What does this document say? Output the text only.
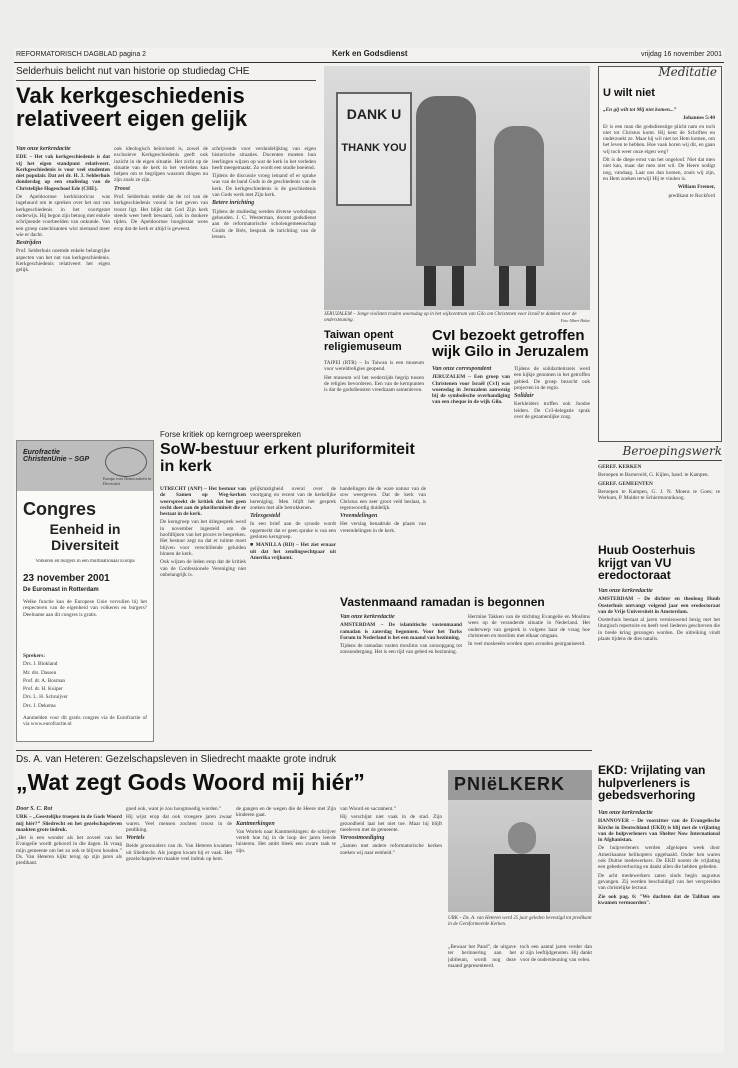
REFORMATORISCH DAGBLAD pagina 2	Kerk en Godsdienst	vrijdag 16 november 2001
Selderhuis belicht nut van historie op studiedag CHE
Vak kerkgeschiedenis relativeert eigen gelijk

Van onze kerkredactie

EDE – Het vak kerkgeschiedenis is dat vij het eigen standpunt relativeert. Kerkgeschiedenis is voor veel studenten niet populair. Dat zei dr. H. J. Selderhuis donderdag op een studiedag van de Christelijke Hogeschool Ede (CHE).

De Apeldoornse kerkhistoricus was ingehuurd om te spreken over het nut van kerkgeschiedenis in het voortgezet onderwijs. Hij begon zijn betoog met enkele schrijnende voorbeelden van onkunde. Van een groep catechisanten wist niemand meer wie er dacht.

Bestrijden

Prof. Selderhuis noemde enkele belangrijke aspecten van het nut van kerkgeschiedenis. Kerkgeschiedenis relativeert het eigen gelijk.

ook ideologisch beïnvloed is, zowel de exclusieve Kerkgeschiedenis geeft ook inzicht in de eigen situatie. Het zicht op de situatie van de kerk in het verleden kan helpen om te begrijpen waarom dingen nu zijn zoals ze zijn.

Troost

Prof. Selderhuis stelde dat de rol van de kerkgeschiedenis vooral in het geven van troost ligt. Het blijkt dat God Zijn kerk steeds weer heeft bewaard, ook in donkere tijden. De Apeldoornse hoogleraar wees erop dat de kerk er altijd is geweest.

schrijvende voor verduidelijking van eigen historische situaties. Docenten moeten hun leerlingen wijzen op wat de kerk in het verleden heeft meegemaakt. Zo wordt een studie boeiend.

Tijdens de discussie vroeg iemand of er sprake was van de band Gods in de geschiedenis van de kerk. De kerkgeschiedenis is de geschiedenis van Gods werk met Zijn kerk.

Betere inrichting

Tijdens de studiedag werden diverse workshops gehouden. J. C. Westerman, docent godsdienst aan de reformatorische scholengemeenschap Guido de Brès, besprak de inrichting van de lessen.

DANK U
THANK YOU
JERUZALEM – Jonge violisten traden woensdag op in het wijkcentrum van Gilo om Christenen voor Israël te danken voor de ondersteuning.	Foto Albert Halav
Taiwan opent religiemuseum

TAIPEI (RTR) – In Taiwan is een museum voor wereldreligies geopend.

Het museum wil het wederzijds begrip tussen de religies bevorderen. Een van de kernpunten is dat de godsdiensten vreedzaam samenleven.

CvI bezoekt getroffen wijk Gilo in Jeruzalem

Van onze correspondent

JERUZALEM – Een groep van Christenen voor Israël (CvI) was woensdag in Jeruzalem aanwezig bij de symbolische overhandiging van een cheque in de wijk Gilo.

Tijdens de solidariteitsreis werd een kijkje genomen in het getroffen gebied. De groep bezocht ook projecten in de regio.

Solidair

Kerkleiders troffen ook Joodse leiders. De CvI-delegatie sprak over de gezamenlijke zorg.

Meditatie
U wilt niet

„En gij wilt tot Mij niet komen...”

Johannes 5:40

Er is een man die godsdienstige plicht nam en toch niet tot Christus komt. Hij kent de Schriften en onderzoekt ze. Maar hij wil niet tot Hem komen, om het leven te hebben. Hoe vaak horen wij dit, en gaan wij toch weer onze eigen weg?

Dit is de diepe ernst van het ongeloof. Niet dat men niet kan, maar dat men niet wil. De Heere nodigt nog, vandaag. Laat ons dan komen, zoals wij zijn, en Hem zoeken terwijl Hij te vinden is.

William Fremer,

predikant te Rockford

Beroepingswerk

GEREF. KERKEN

Beroepen te Barneveld, G. Kijlen, hand. te Kampen.

GEREF. GEMEENTEN

Beroepen te Kampen, G. J. N. Moens te Goes; te Werkum, P. Mulder te Schiermonnikoog.

Huub Oosterhuis krijgt van VU eredoctoraat

Van onze kerkredactie

AMSTERDAM – De dichter en theoloog Huub Oosterhuis ontvangt volgend jaar een eredoctoraat van de Vrije Universiteit in Amsterdam.

Oosterhuis bestaat al jaren vernieuwend bezig met het liturgisch repertoire en heeft veel liederen geschreven die in brede kring gezongen worden. De uitreiking vindt plaats tijdens de dies natalis.

Eurofractie ChristenUnie – SGP
Europa voor Democratieën in Diversiteit
Congres
Eenheid in Diversiteit
Volkeren en burgers in een multinationaal Europa
23 november 2001
De Euromast in Rotterdam

Welke functie kan de Europese Unie vervullen bij het respecteren van de eigenheid van volkeren en burgers? Deelname aan dit congres is gratis.

Sprekers:

Drs. J. Blokland

Mr. drs. Dassen

Prof. dr. A. Bosman

Prof. dr. H. Kuiper

Drs. L. H. Schruijver

Drs. J. Dekema

Aanmelden voor dit gratis congres via de Eurofractie of via www.eurofractie.nl
Forse kritiek op kerngroep weerspreken
SoW-bestuur erkent pluriformiteit in kerk

UTRECHT (ANP) – Het bestuur van de Samen op Weg-kerken weerspreekt de kritiek dat het geen recht doet aan de pluriformiteit die er bestaat in de kerk.

De kerngroep van het driegesprek werd in november ingesteld om de hoofdlijnen van het proces te bespreken. Het bestuur zegt nu dat er ruimte moet blijven voor verschillende geluiden binnen de kerk.

Ook wijzen de leden erop dat de kritiek van de Confessionele Vereniging niet onbelangrijk is.

gelijkmatigheid overal over de voortgang en recent van de kerkelijke hereniging. Men blijft het gesprek zoeken met alle betrokkenen.

Telexgesteld

In een brief aan de synode wordt opgemerkt dat er geen sprake is van een gesloten kerngroep.

■ MANILLA (RD) – Het ziet ernaar uit dat het zendingsechtpaar uit Amerika vrijkomt.

handelingen die de ware natuur van de sow weergeven. Dat de kerk van Christus een zeer groot veld beslaat, is tegenwoordig duidelijk.

Vreemdelingen

Het verslag benadrukt de plaats van vreemdelingen in de kerk.

Vastenmaand ramadan is begonnen

Van onze kerkredactie

AMSTERDAM – De islamitische vastenmaand ramadan is zaterdag begonnen. Voor het Turks Forum in Nederland is het een maand van bezinning.

Tijdens de ramadan vasten moslims van zonsopgang tot zonsondergang. Het is een tijd van gebed en bezinning.

Hermine Takken van de stichting Evangelie en Moslims wees op de veranderde situatie in Nederland. Het onderwerp van gesprek is volgens haar de vraag hoe christenen en moslims met elkaar omgaan.

In veel moskeeën worden open avonden georganiseerd.

EKD: Vrijlating van hulpverleners is gebedsverhoring

Van onze kerkredactie

HANNOVER – De voorzitter van de Evangelische Kirche in Deutschland (EKD) is blij met de vrijlating van de hulpverleners van Shelter Now International in Afghanistan.

De hulpverleners werden afgelopen week door Amerikaanse helikopters opgehaald. Onder hen waren ook Duitse medewerkers. De EKD noemt de vrijlating een gebedsverhoring en dankt allen die hebben gebeden.

De acht medewerkers zaten sinds begin augustus gevangen. Zij werden beschuldigd van het verspreiden van christelijke lectuur.

Zie ook pag. 6: "We dachten dat de Taliban ons kwamen vermoorden".

Ds. A. van Heteren: Gezelschapsleven in Sliedrecht maakte grote indruk
„Wat zegt Gods Woord mij hiér”

Door S. C. Rot

URK – „Geestelijke troepen in de Gods Woord mij hiér?” Sliedrecht en het gezelschapsleven maakten grote indruk.

„Het is een wonder als het zoveel van het Evangelie wordt gehoord in die dagen. Ik vraag mijn gemeente om het zo ook te blijven houden.” Ds. Van Heteren kijkt terug op zijn jaren als predikant.

goed ook, want je zou hoogmoedig worden.”

Hij wijst erop dat ook vroegere jaren zwaar waren. Veel mensen zochten troost in de prediking.

Wortels

Beide grootouders van ds. Van Heteren kwamen uit Sliedrecht. Als jongen kwam hij er vaak. Het gezelschapsleven maakte veel indruk op hem.

de gangen en de wegen die de Heere met Zijn kinderen gaat.

Kantmerkingen

Van Wortels naar Kantmerkingen: de schrijver vertelt hoe hij in de loop der jaren leerde luisteren. Het ambt bleek een zware taak te zijn.

van Woord en sacrament.”

Hij verschijnt niet vaak in de stad. Zijn gezondheid laat het niet toe. Maar hij blijft meeleven met de gemeente.

Veroostmoediging

„Samen met andere reformatorische kerken zoeken wij naar eenheid.”

PNIëLKERK
URK – Ds. A. van Heteren werd 25 jaar geleden bevestigd tot predikant in de Gereformeerde Kerken.

„Bewaar het Pand”, de uitgave ter herinnering aan het jubileum, wordt nog deze maand gepresenteerd.

toch een aantal jaren verder dan al zijn leeftijdgenoten. Hij dankt voor de ondersteuning van velen.
